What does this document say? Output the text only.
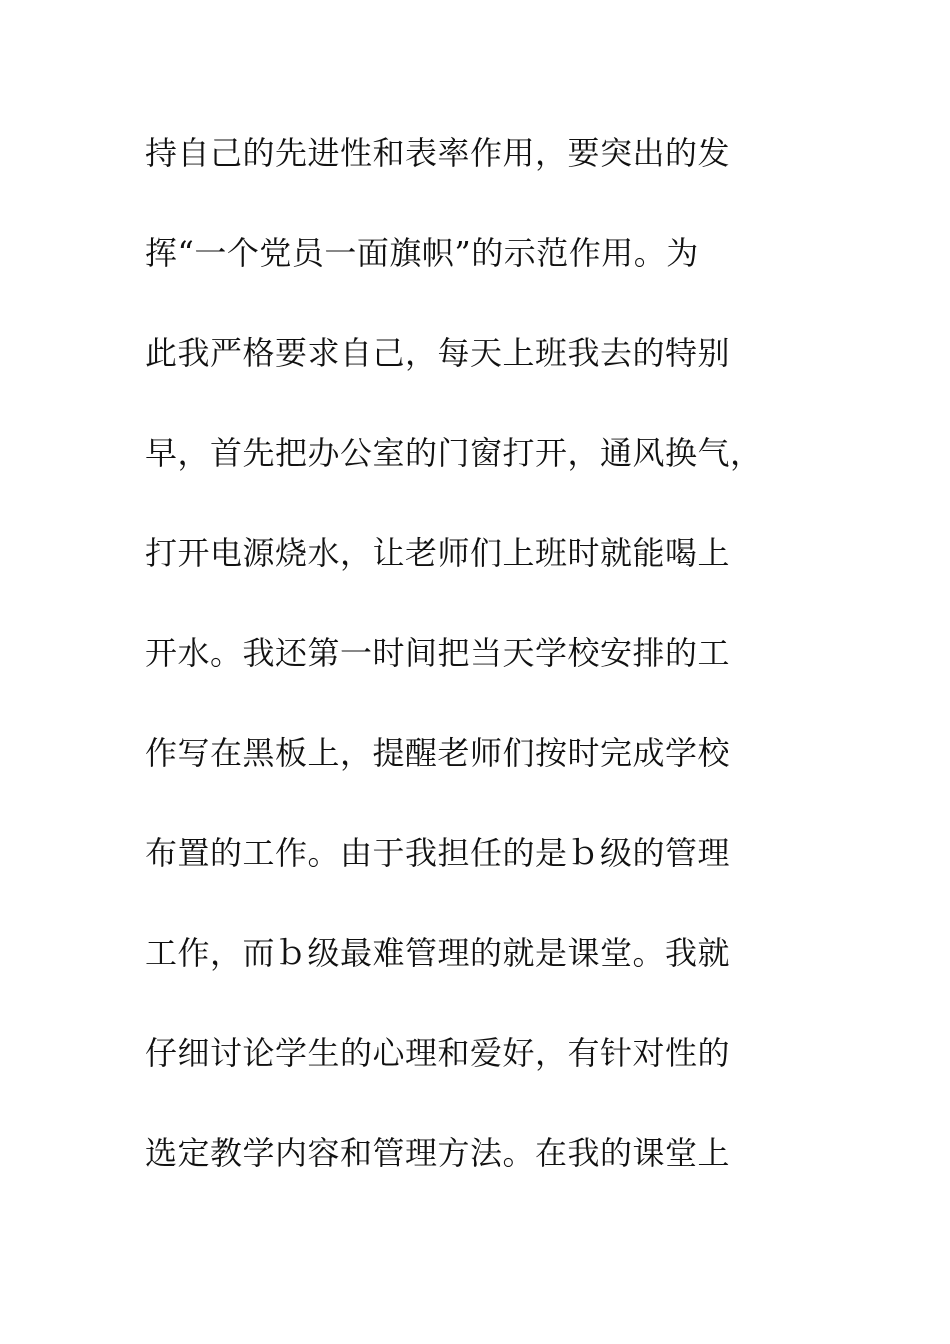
持自己的先进性和表率作用，要突出的发
挥“一个党员一面旗帜”的示范作用。为
此我严格要求自己，每天上班我去的特别
早，首先把办公室的门窗打开，通风换气，
打开电源烧水，让老师们上班时就能喝上
开水。我还第一时间把当天学校安排的工
作写在黑板上，提醒老师们按时完成学校
布置的工作。由于我担任的是ｂ级的管理
工作，而ｂ级最难管理的就是课堂。我就
仔细讨论学生的心理和爱好，有针对性的
选定教学内容和管理方法。在我的课堂上
